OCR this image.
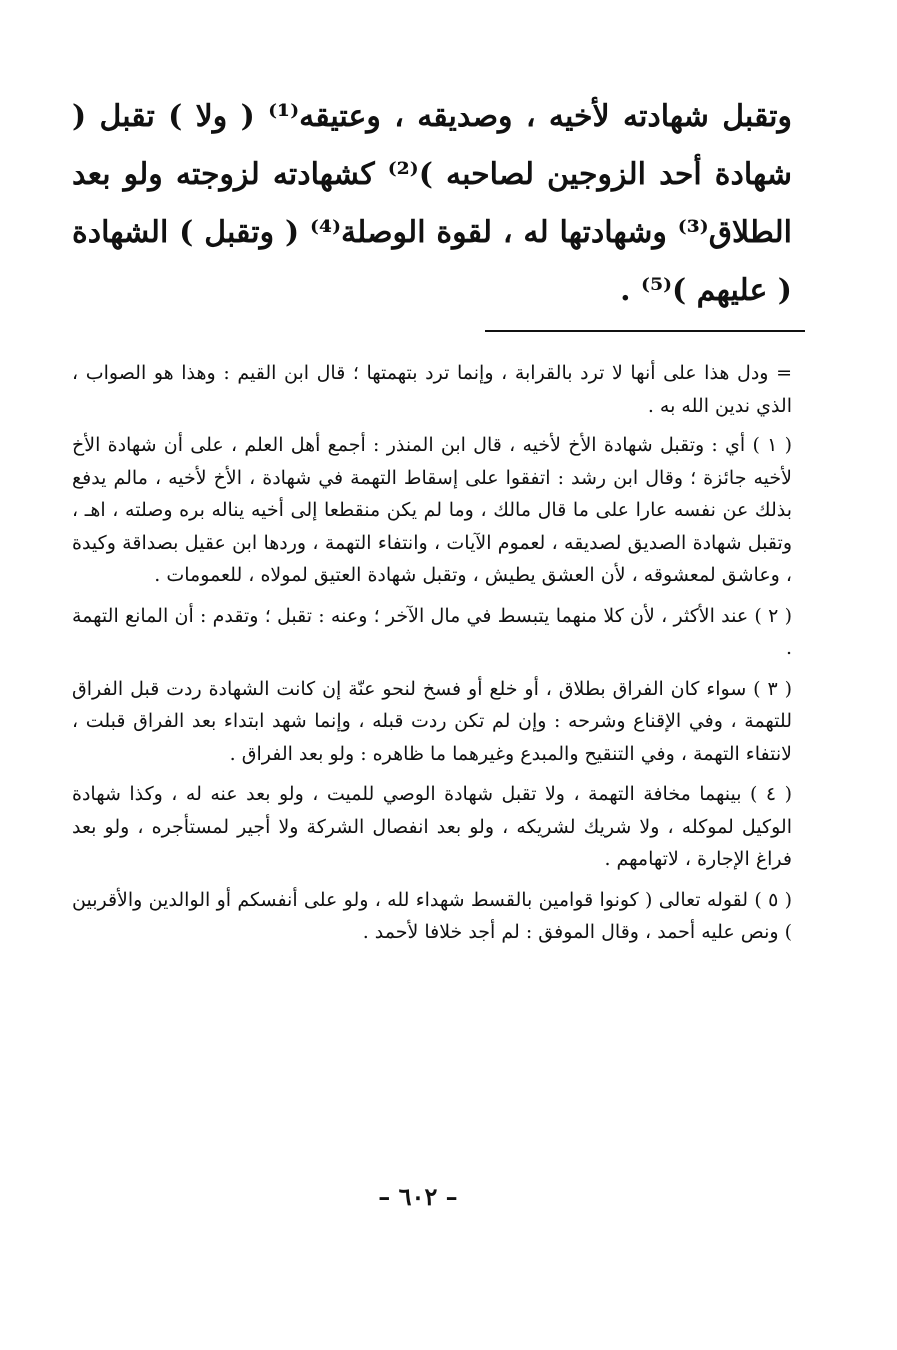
وتقبل شهادته لأخيه ، وصديقه ، وعتيقه⁽¹⁾ ( ولا ) تقبل ( شهادة أحد الزوجين لصاحبه )⁽²⁾ كشهادته لزوجته ولو بعد الطلاق⁽³⁾ وشهادتها له ، لقوة الوصلة⁽⁴⁾ ( وتقبل ) الشهادة ( عليهم )⁽⁵⁾ .

= ودل هذا على أنها لا ترد بالقرابة ، وإنما ترد بتهمتها ؛ قال ابن القيم : وهذا هو الصواب ، الذي ندين الله به .

( ١ ) أي : وتقبل شهادة الأخ لأخيه ، قال ابن المنذر : أجمع أهل العلم ، على أن شهادة الأخ لأخيه جائزة ؛ وقال ابن رشد : اتفقوا على إسقاط التهمة في شهادة ، الأخ لأخيه ، مالم يدفع بذلك عن نفسه عارا على ما قال مالك ، وما لم يكن منقطعا إلى أخيه يناله بره وصلته ، اهـ ، وتقبل شهادة الصديق لصديقه ، لعموم الآيات ، وانتفاء التهمة ، وردها ابن عقيل بصداقة وكيدة ، وعاشق لمعشوقه ، لأن العشق يطيش ، وتقبل شهادة العتيق لمولاه ، للعمومات .

( ٢ ) عند الأكثر ، لأن كلا منهما يتبسط في مال الآخر ؛ وعنه : تقبل ؛ وتقدم : أن المانع التهمة .

( ٣ ) سواء كان الفراق بطلاق ، أو خلع أو فسخ لنحو عنّة إن كانت الشهادة ردت قبل الفراق للتهمة ، وفي الإقناع وشرحه : وإن لم تكن ردت قبله ، وإنما شهد ابتداء بعد الفراق قبلت ، لانتفاء التهمة ، وفي التنقيح والمبدع وغيرهما ما ظاهره : ولو بعد الفراق .

( ٤ ) بينهما مخافة التهمة ، ولا تقبل شهادة الوصي للميت ، ولو بعد عنه له ، وكذا شهادة الوكيل لموكله ، ولا شريك لشريكه ، ولو بعد انفصال الشركة ولا أجير لمستأجره ، ولو بعد فراغ الإجارة ، لاتهامهم .

( ٥ ) لقوله تعالى ( كونوا قوامين بالقسط شهداء لله ، ولو على أنفسكم أو الوالدين والأقربين ) ونص عليه أحمد ، وقال الموفق : لم أجد خلافا لأحمد .

– ٦٠٢ –
